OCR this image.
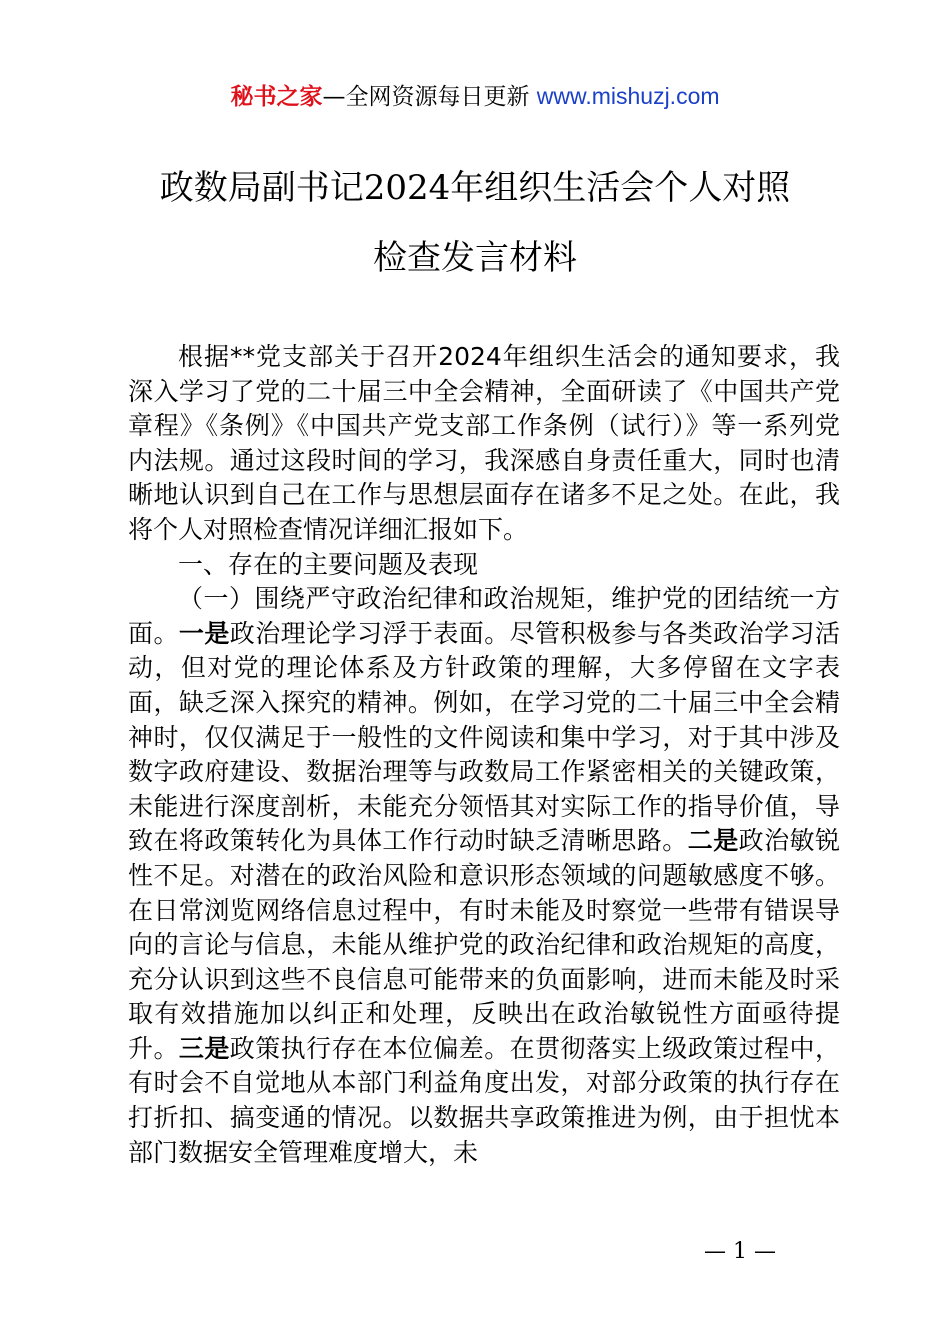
秘书之家—全网资源每日更新 www.mishuzj.com
政数局副书记2024年组织生活会个人对照
检查发言材料

根据**党支部关于召开2024年组织生活会的通知要求，我深入学习了党的二十届三中全会精神，全面研读了《中国共产党章程》《条例》《中国共产党支部工作条例（试行）》等一系列党内法规。通过这段时间的学习，我深感自身责任重大，同时也清晰地认识到自己在工作与思想层面存在诸多不足之处。在此，我将个人对照检查情况详细汇报如下。

一、存在的主要问题及表现

（一）围绕严守政治纪律和政治规矩，维护党的团结统一方面。一是政治理论学习浮于表面。尽管积极参与各类政治学习活动，但对党的理论体系及方针政策的理解，大多停留在文字表面，缺乏深入探究的精神。例如，在学习党的二十届三中全会精神时，仅仅满足于一般性的文件阅读和集中学习，对于其中涉及数字政府建设、数据治理等与政数局工作紧密相关的关键政策，未能进行深度剖析，未能充分领悟其对实际工作的指导价值，导致在将政策转化为具体工作行动时缺乏清晰思路。二是政治敏锐性不足。对潜在的政治风险和意识形态领域的问题敏感度不够。在日常浏览网络信息过程中，有时未能及时察觉一些带有错误导向的言论与信息，未能从维护党的政治纪律和政治规矩的高度，充分认识到这些不良信息可能带来的负面影响，进而未能及时采取有效措施加以纠正和处理，反映出在政治敏锐性方面亟待提升。三是政策执行存在本位偏差。在贯彻落实上级政策过程中，有时会不自觉地从本部门利益角度出发，对部分政策的执行存在打折扣、搞变通的情况。以数据共享政策推进为例，由于担忧本部门数据安全管理难度增大，未

— 1 —
